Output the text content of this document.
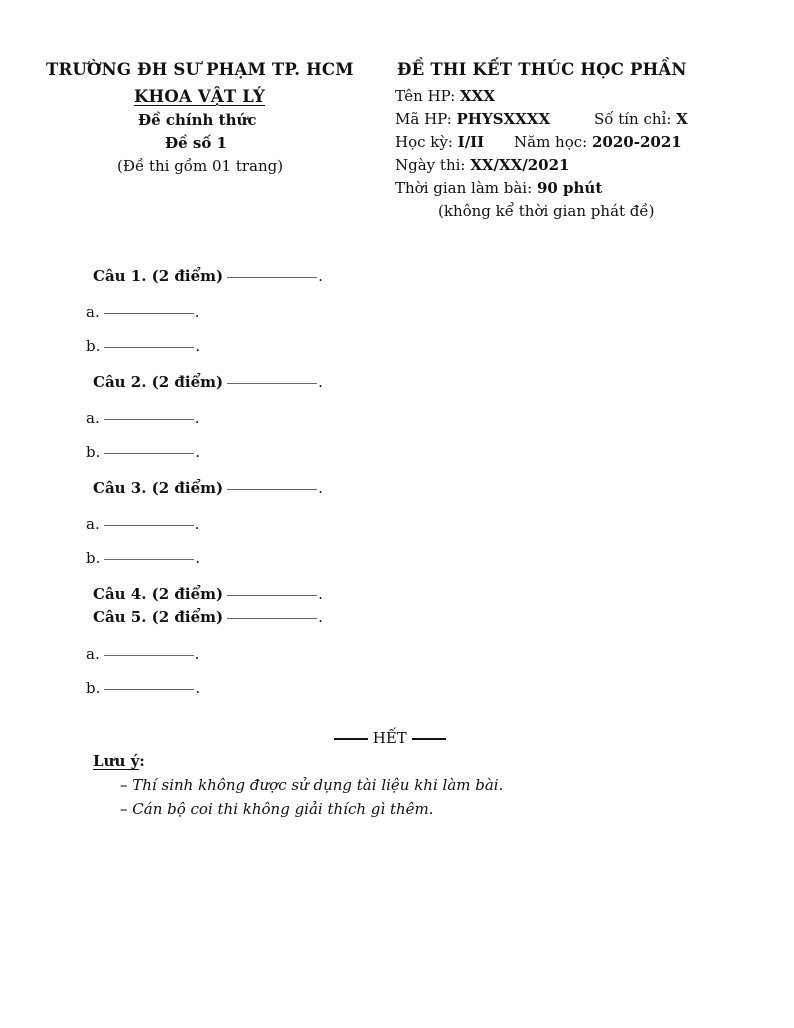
TRƯỜNG ĐH SƯ PHẠM TP. HCM
KHOA VẬT LÝ
Đề chính thức
Đề số 1
(Đề thi gồm 01 trang)
ĐỀ THI KẾT THÚC HỌC PHẦN
Tên HP: XXX
Mã HP: PHYSXXXX	Số tín chỉ: X
Học kỳ: I/II Năm học: 2020-2021
Ngày thi: XX/XX/2021
Thời gian làm bài: 90 phút
(không kể thời gian phát đề)
Câu 1. (2 điểm)	.
a.	.
b.	.
Câu 2. (2 điểm)	.
a.	.
b.	.
Câu 3. (2 điểm)	.
a.	.
b.	.
Câu 4. (2 điểm)	.
Câu 5. (2 điểm)	.
a.	.
b.	.
HẾT
Lưu ý:
– Thí sinh không được sử dụng tài liệu khi làm bài.
– Cán bộ coi thi không giải thích gì thêm.
